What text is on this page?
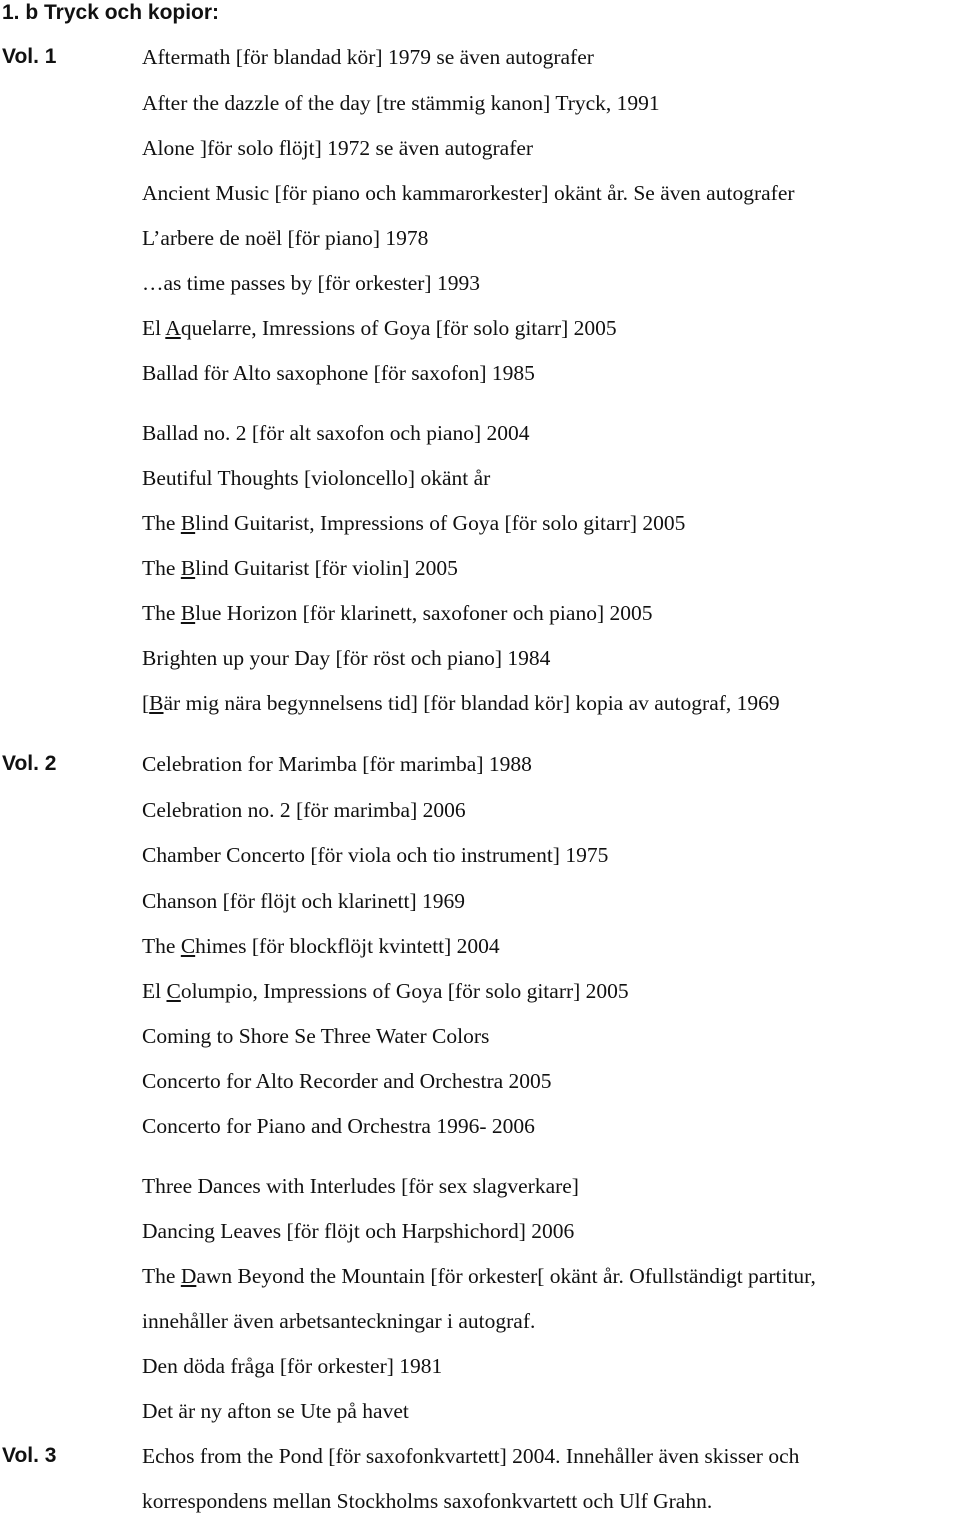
1. b Tryck och kopior:
Vol. 1
Vol. 2
Vol. 3
Aftermath [för blandad kör] 1979 se även autografer
After the dazzle of the day [tre stämmig kanon] Tryck, 1991
Alone ]för solo flöjt] 1972 se även autografer
Ancient Music [för piano och kammarorkester] okänt år. Se även autografer
L’arbere de noël [för piano] 1978
…as time passes by [för orkester] 1993
El Aquelarre, Imressions of Goya [för solo gitarr] 2005
Ballad för Alto saxophone [för saxofon] 1985
Ballad no. 2 [för alt saxofon och piano] 2004
Beutiful Thoughts [violoncello] okänt år
The Blind Guitarist, Impressions of Goya [för solo gitarr] 2005
The Blind Guitarist [för violin] 2005
The Blue Horizon [för klarinett, saxofoner och piano] 2005
Brighten up your Day [för röst och piano] 1984
[Bär mig nära begynnelsens tid] [för blandad kör] kopia av autograf, 1969
Celebration for Marimba [för marimba] 1988
Celebration no. 2 [för marimba] 2006
Chamber Concerto [för viola och tio instrument] 1975
Chanson [för flöjt och klarinett] 1969
The Chimes [för blockflöjt kvintett] 2004
El Columpio, Impressions of Goya [för solo gitarr] 2005
Coming to Shore Se Three Water Colors
Concerto for Alto Recorder and Orchestra 2005
Concerto for Piano and Orchestra 1996- 2006
Three Dances with Interludes [för sex slagverkare]
Dancing Leaves [för flöjt och Harpshichord] 2006
The Dawn Beyond the Mountain [för orkester[ okänt år. Ofullständigt partitur,
innehåller även arbetsanteckningar i autograf.
Den döda fråga [för orkester] 1981
Det är ny afton se Ute på havet
Echos from the Pond [för saxofonkvartett] 2004. Innehåller även skisser och
korrespondens mellan Stockholms saxofonkvartett och Ulf Grahn.
